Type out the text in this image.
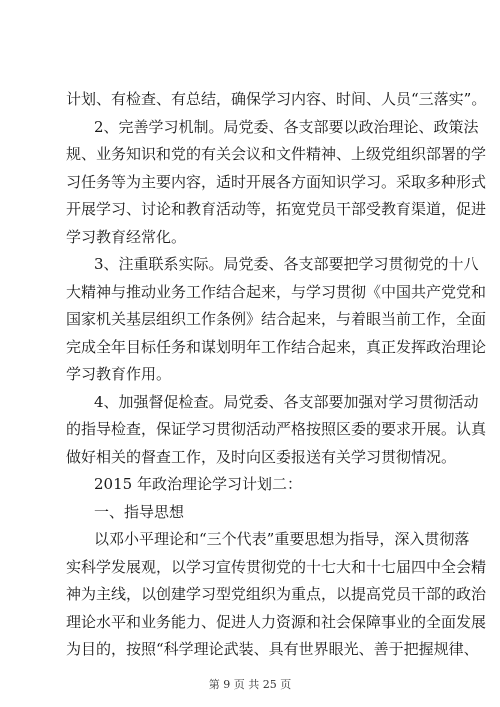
计划、有检查、有总结，确保学习内容、时间、人员“三落实”。
2、完善学习机制。局党委、各支部要以政治理论、政策法
规、业务知识和党的有关会议和文件精神、上级党组织部署的学
习任务等为主要内容，适时开展各方面知识学习。采取多种形式
开展学习、讨论和教育活动等，拓宽党员干部受教育渠道，促进
学习教育经常化。
3、注重联系实际。局党委、各支部要把学习贯彻党的十八
大精神与推动业务工作结合起来，与学习贯彻《中国共产党党和
国家机关基层组织工作条例》结合起来，与着眼当前工作，全面
完成全年目标任务和谋划明年工作结合起来，真正发挥政治理论
学习教育作用。
4、加强督促检查。局党委、各支部要加强对学习贯彻活动
的指导检查，保证学习贯彻活动严格按照区委的要求开展。认真
做好相关的督查工作，及时向区委报送有关学习贯彻情况。
2015 年政治理论学习计划二：
一、指导思想
以邓小平理论和“三个代表”重要思想为指导，深入贯彻落
实科学发展观，以学习宣传贯彻党的十七大和十七届四中全会精
神为主线，以创建学习型党组织为重点，以提高党员干部的政治
理论水平和业务能力、促进人力资源和社会保障事业的全面发展
为目的，按照“科学理论武装、具有世界眼光、善于把握规律、
第 9 页 共 25 页
